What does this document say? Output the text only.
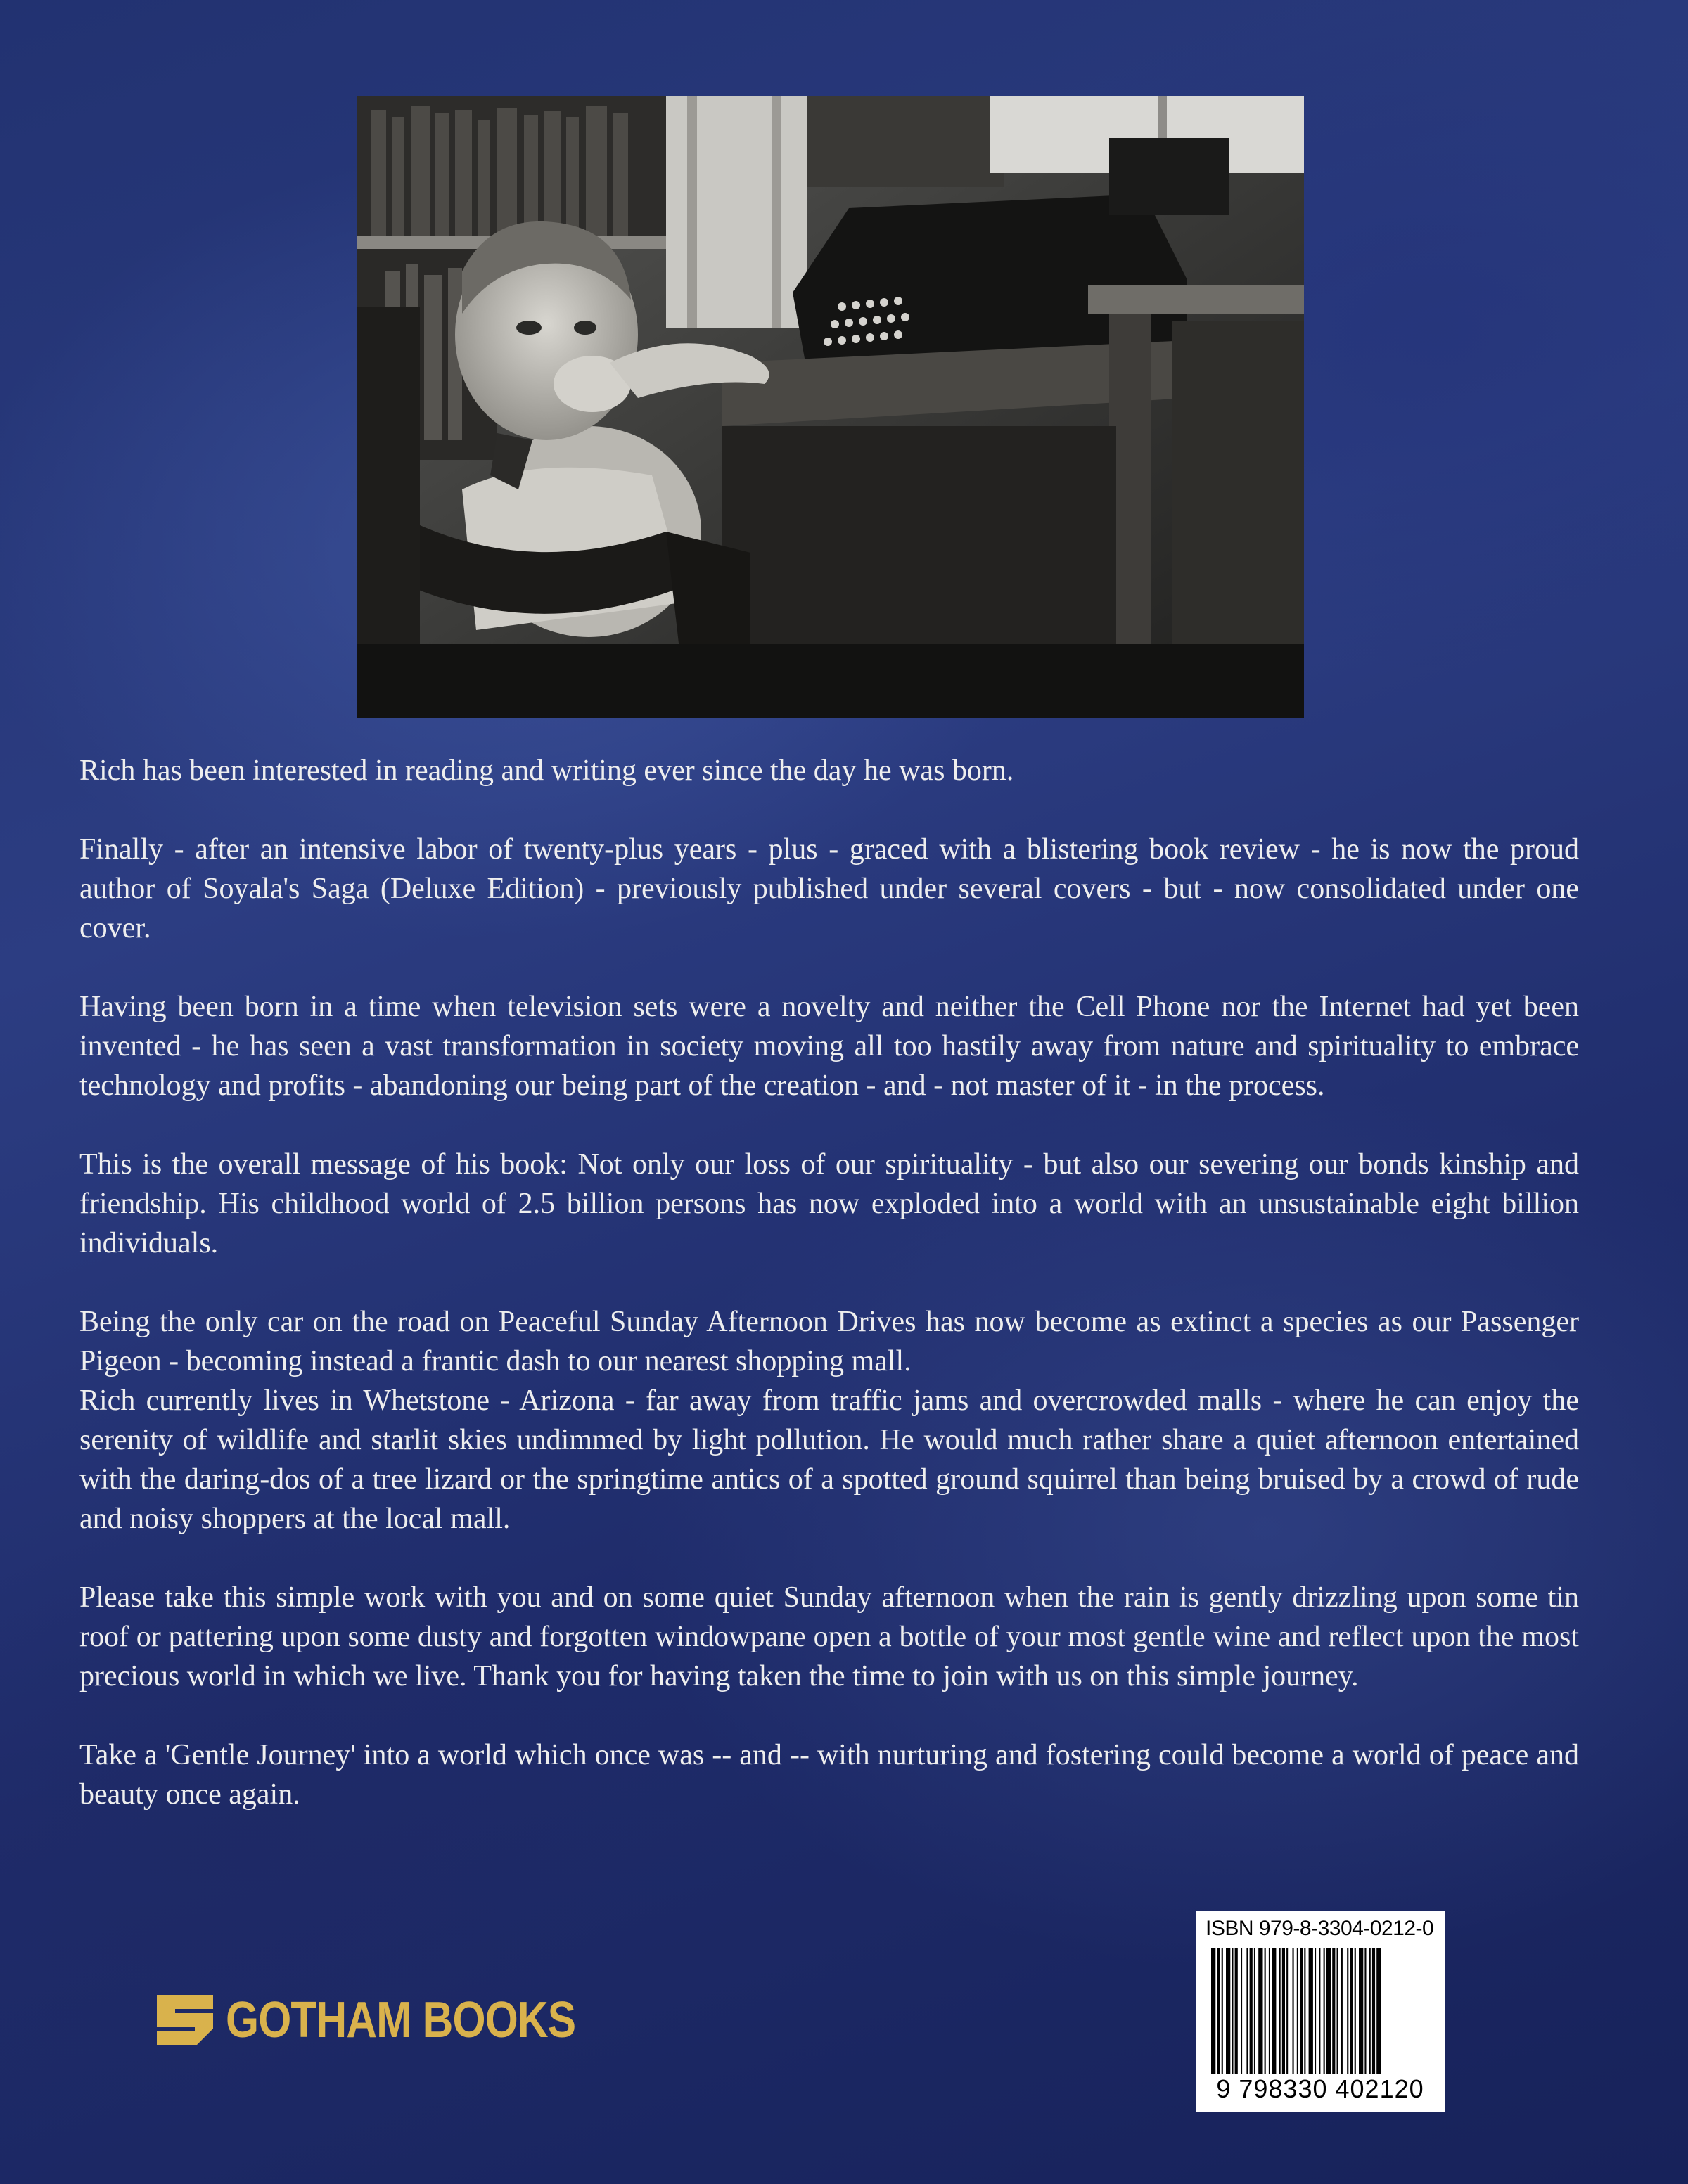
Rich has been interested in reading and writing ever since the day he was born.

Finally - after an intensive labor of twenty-plus years - plus - graced with a blistering book review - he is now the proud author of Soyala's Saga (Deluxe Edition) - previously published under several covers - but - now consolidated under one cover.

Having been born in a time when television sets were a novelty and neither the Cell Phone nor the Internet had yet been invented - he has seen a vast transformation in society moving all too hastily away from nature and spirituality to embrace technology and profits - abandoning our being part of the creation - and - not master of it - in the process.

This is the overall message of his book: Not only our loss of our spirituality - but also our severing our bonds kinship and friendship. His childhood world of 2.5 billion persons has now exploded into a world with an unsustainable eight billion individuals.

Being the only car on the road on Peaceful Sunday Afternoon Drives has now become as extinct a species as our Passenger Pigeon - becoming instead a frantic dash to our nearest shopping mall.

Rich currently lives in Whetstone - Arizona - far away from traffic jams and overcrowded malls - where he can enjoy the serenity of wildlife and starlit skies undimmed by light pollution. He would much rather share a quiet afternoon entertained with the daring-dos of a tree lizard or the springtime antics of a spotted ground squirrel than being bruised by a crowd of rude and noisy shoppers at the local mall.

Please take this simple work with you and on some quiet Sunday afternoon when the rain is gently drizzling upon some tin roof or pattering upon some dusty and forgotten windowpane open a bottle of your most gentle wine and reflect upon the most precious world in which we live. Thank you for having taken the time to join with us on this simple journey.

Take a 'Gentle Journey' into a world which once was -- and -- with nurturing and fostering could become a world of peace and beauty once again.

GOTHAM BOOKS
ISBN 979-8-3304-0212-0
9 798330 402120
